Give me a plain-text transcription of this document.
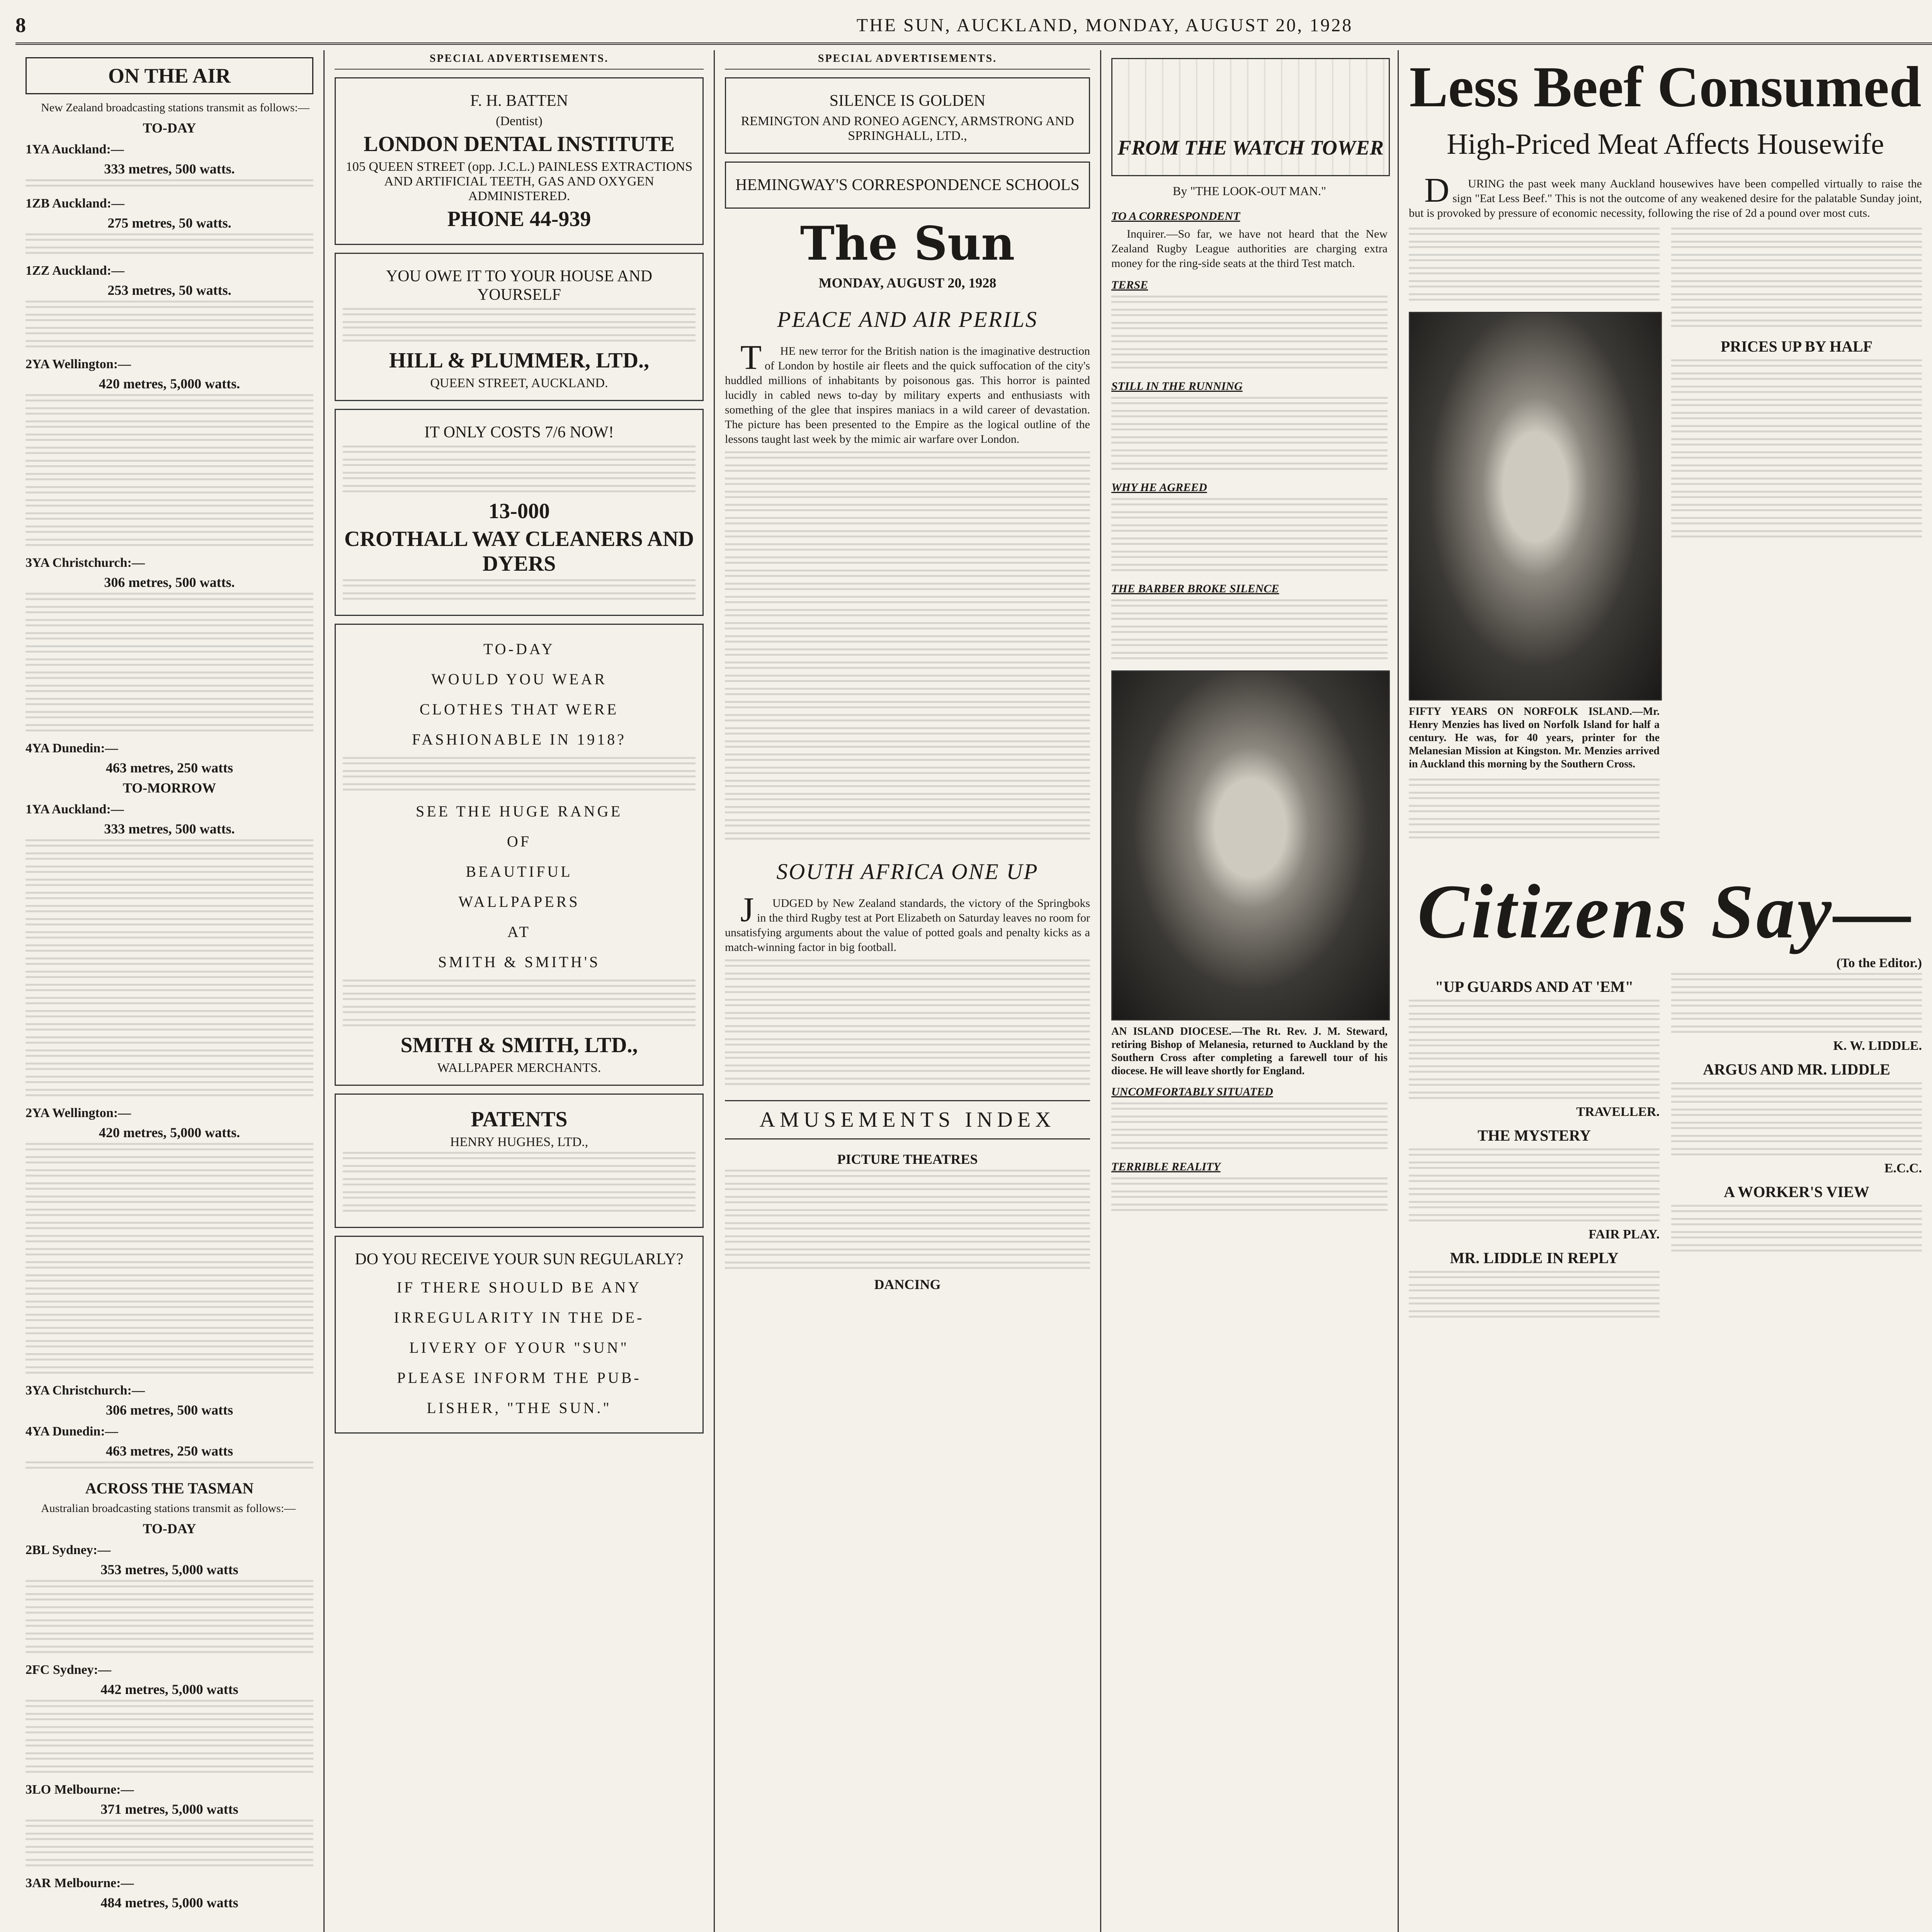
8	THE SUN, AUCKLAND, MONDAY, AUGUST 20, 1928
ON THE AIR
New Zealand broadcasting stations transmit as follows:—
TO-DAY
1YA Auckland:—
333 metres, 500 watts.
1ZB Auckland:—
275 metres, 50 watts.
1ZZ Auckland:—
253 metres, 50 watts.
2YA Wellington:—
420 metres, 5,000 watts.
3YA Christchurch:—
306 metres, 500 watts.
4YA Dunedin:—
463 metres, 250 watts
TO-MORROW
1YA Auckland:—
333 metres, 500 watts.
2YA Wellington:—
420 metres, 5,000 watts.
3YA Christchurch:—
306 metres, 500 watts
4YA Dunedin:—
463 metres, 250 watts
ACROSS THE TASMAN
Australian broadcasting stations transmit as follows:—
TO-DAY
2BL Sydney:—
353 metres, 5,000 watts
2FC Sydney:—
442 metres, 5,000 watts
3LO Melbourne:—
371 metres, 5,000 watts
3AR Melbourne:—
484 metres, 5,000 watts
SPECIAL ADVERTISEMENTS.
F. H. BATTEN
(Dentist)
LONDON DENTAL INSTITUTE
105 QUEEN STREET (opp. J.C.L.) PAINLESS EXTRACTIONS AND ARTIFICIAL TEETH, GAS AND OXYGEN ADMINISTERED.
PHONE 44-939
YOU OWE IT TO YOUR HOUSE AND YOURSELF
HILL & PLUMMER, LTD.,
QUEEN STREET, AUCKLAND.
IT ONLY COSTS 7/6 NOW!
13-000
CROTHALL WAY CLEANERS AND DYERS
TO-DAY
WOULD YOU WEAR
CLOTHES THAT WERE
FASHIONABLE IN 1918?
SEE THE HUGE RANGE
OF
BEAUTIFUL
WALLPAPERS
AT
SMITH & SMITH'S
SMITH & SMITH, LTD.,
WALLPAPER MERCHANTS.
PATENTS
HENRY HUGHES, LTD.,
DO YOU RECEIVE YOUR SUN REGULARLY?
IF THERE SHOULD BE ANY
IRREGULARITY IN THE DE-
LIVERY OF YOUR "SUN"
PLEASE INFORM THE PUB-
LISHER, "THE SUN."
SPECIAL ADVERTISEMENTS.
SILENCE IS GOLDEN
REMINGTON AND RONEO AGENCY, ARMSTRONG AND SPRINGHALL, LTD.,
HEMINGWAY'S CORRESPONDENCE SCHOOLS
The Sun
MONDAY, AUGUST 20, 1928
PEACE AND AIR PERILS
THE new terror for the British nation is the imaginative destruction of London by hostile air fleets and the quick suffocation of the city's huddled millions of inhabitants by poisonous gas. This horror is painted lucidly in cabled news to-day by military experts and enthusiasts with something of the glee that inspires maniacs in a wild career of devastation. The picture has been presented to the Empire as the logical outline of the lessons taught last week by the mimic air warfare over London.
SOUTH AFRICA ONE UP
JUDGED by New Zealand standards, the victory of the Springboks in the third Rugby test at Port Elizabeth on Saturday leaves no room for unsatisfying arguments about the value of potted goals and penalty kicks as a match-winning factor in big football.
AMUSEMENTS INDEX
PICTURE THEATRES
DANCING
FROM THE WATCH TOWER
By "THE LOOK-OUT MAN."
TO A CORRESPONDENT
Inquirer.—So far, we have not heard that the New Zealand Rugby League authorities are charging extra money for the ring-side seats at the third Test match.
TERSE
STILL IN THE RUNNING
WHY HE AGREED
THE BARBER BROKE SILENCE
AN ISLAND DIOCESE.—The Rt. Rev. J. M. Steward, retiring Bishop of Melanesia, returned to Auckland by the Southern Cross after completing a farewell tour of his diocese. He will leave shortly for England.
UNCOMFORTABLY SITUATED
TERRIBLE REALITY
Less Beef Consumed
High-Priced Meat Affects Housewife
DURING the past week many Auckland housewives have been compelled virtually to raise the sign "Eat Less Beef." This is not the outcome of any weakened desire for the palatable Sunday joint, but is provoked by pressure of economic necessity, following the rise of 2d a pound over most cuts.
FIFTY YEARS ON NORFOLK ISLAND.—Mr. Henry Menzies has lived on Norfolk Island for half a century. He was, for 40 years, printer for the Melanesian Mission at Kingston. Mr. Menzies arrived in Auckland this morning by the Southern Cross.
PRICES UP BY HALF
Citizens Say—
(To the Editor.)
"UP GUARDS AND AT 'EM"
TRAVELLER.
THE MYSTERY
FAIR PLAY.
MR. LIDDLE IN REPLY
K. W. LIDDLE.
ARGUS AND MR. LIDDLE
E.C.C.
A WORKER'S VIEW
